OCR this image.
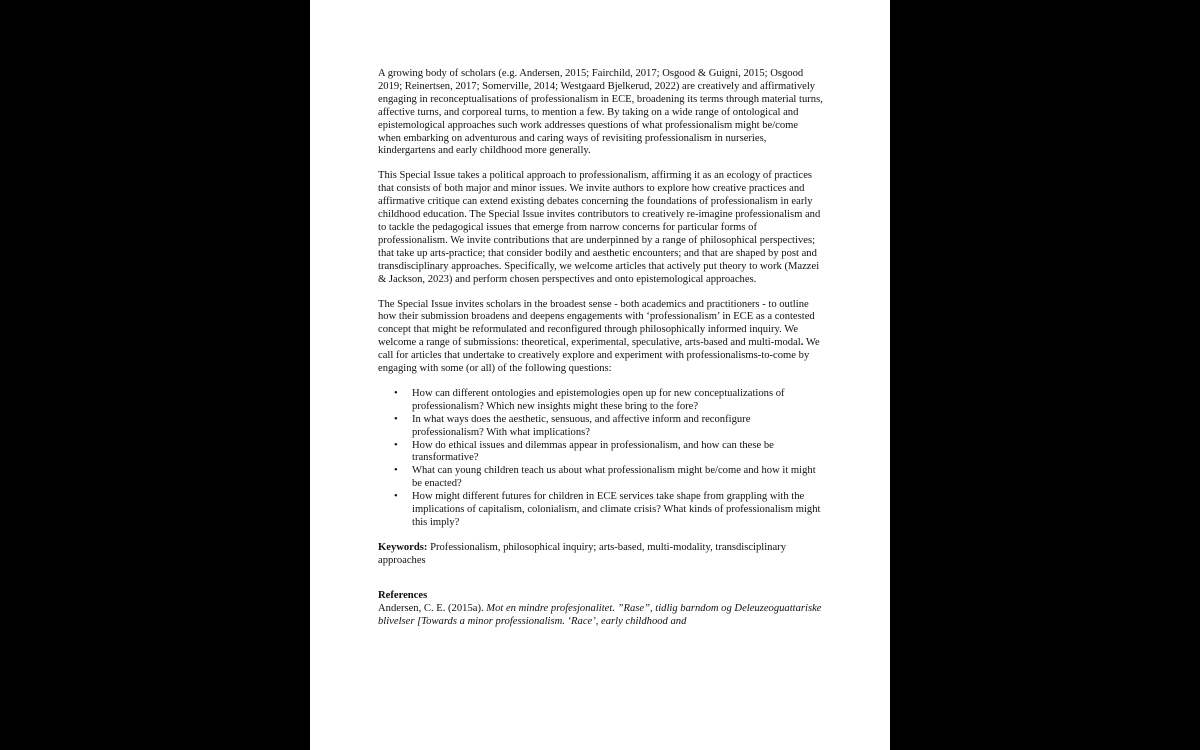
A growing body of scholars (e.g. Andersen, 2015; Fairchild, 2017; Osgood & Guigni, 2015; Osgood 2019; Reinertsen, 2017; Somerville, 2014; Westgaard Bjelkerud, 2022) are creatively and affirmatively engaging in reconceptualisations of professionalism in ECE, broadening its terms through material turns, affective turns, and corporeal turns, to mention a few. By taking on a wide range of ontological and epistemological approaches such work addresses questions of what professionalism might be/come when embarking on adventurous and caring ways of revisiting professionalism in nurseries, kindergartens and early childhood more generally.

This Special Issue takes a political approach to professionalism, affirming it as an ecology of practices that consists of both major and minor issues. We invite authors to explore how creative practices and affirmative critique can extend existing debates concerning the foundations of professionalism in early childhood education. The Special Issue invites contributors to creatively re-imagine professionalism and to tackle the pedagogical issues that emerge from narrow concerns for particular forms of professionalism. We invite contributions that are underpinned by a range of philosophical perspectives; that take up arts-practice; that consider bodily and aesthetic encounters; and that are shaped by post and transdisciplinary approaches. Specifically, we welcome articles that actively put theory to work (Mazzei & Jackson, 2023) and perform chosen perspectives and onto epistemological approaches.

The Special Issue invites scholars in the broadest sense - both academics and practitioners - to outline how their submission broadens and deepens engagements with ‘professionalism’ in ECE as a contested concept that might be reformulated and reconfigured through philosophically informed inquiry. We welcome a range of submissions: theoretical, experimental, speculative, arts-based and multi-modal. We call for articles that undertake to creatively explore and experiment with professionalisms-to-come by engaging with some (or all) of the following questions:

• How can different ontologies and epistemologies open up for new conceptualizations of professionalism? Which new insights might these bring to the fore?
• In what ways does the aesthetic, sensuous, and affective inform and reconfigure professionalism? With what implications?
• How do ethical issues and dilemmas appear in professionalism, and how can these be transformative?
• What can young children teach us about what professionalism might be/come and how it might be enacted?
• How might different futures for children in ECE services take shape from grappling with the implications of capitalism, colonialism, and climate crisis? What kinds of professionalism might this imply?

Keywords: Professionalism, philosophical inquiry; arts-based, multi-modality, transdisciplinary approaches

References

Andersen, C. E. (2015a). Mot en mindre profesjonalitet. ”Rase”, tidlig barndom og Deleuzeoguattariske blivelser [Towards a minor professionalism. ‘Race’, early childhood and
